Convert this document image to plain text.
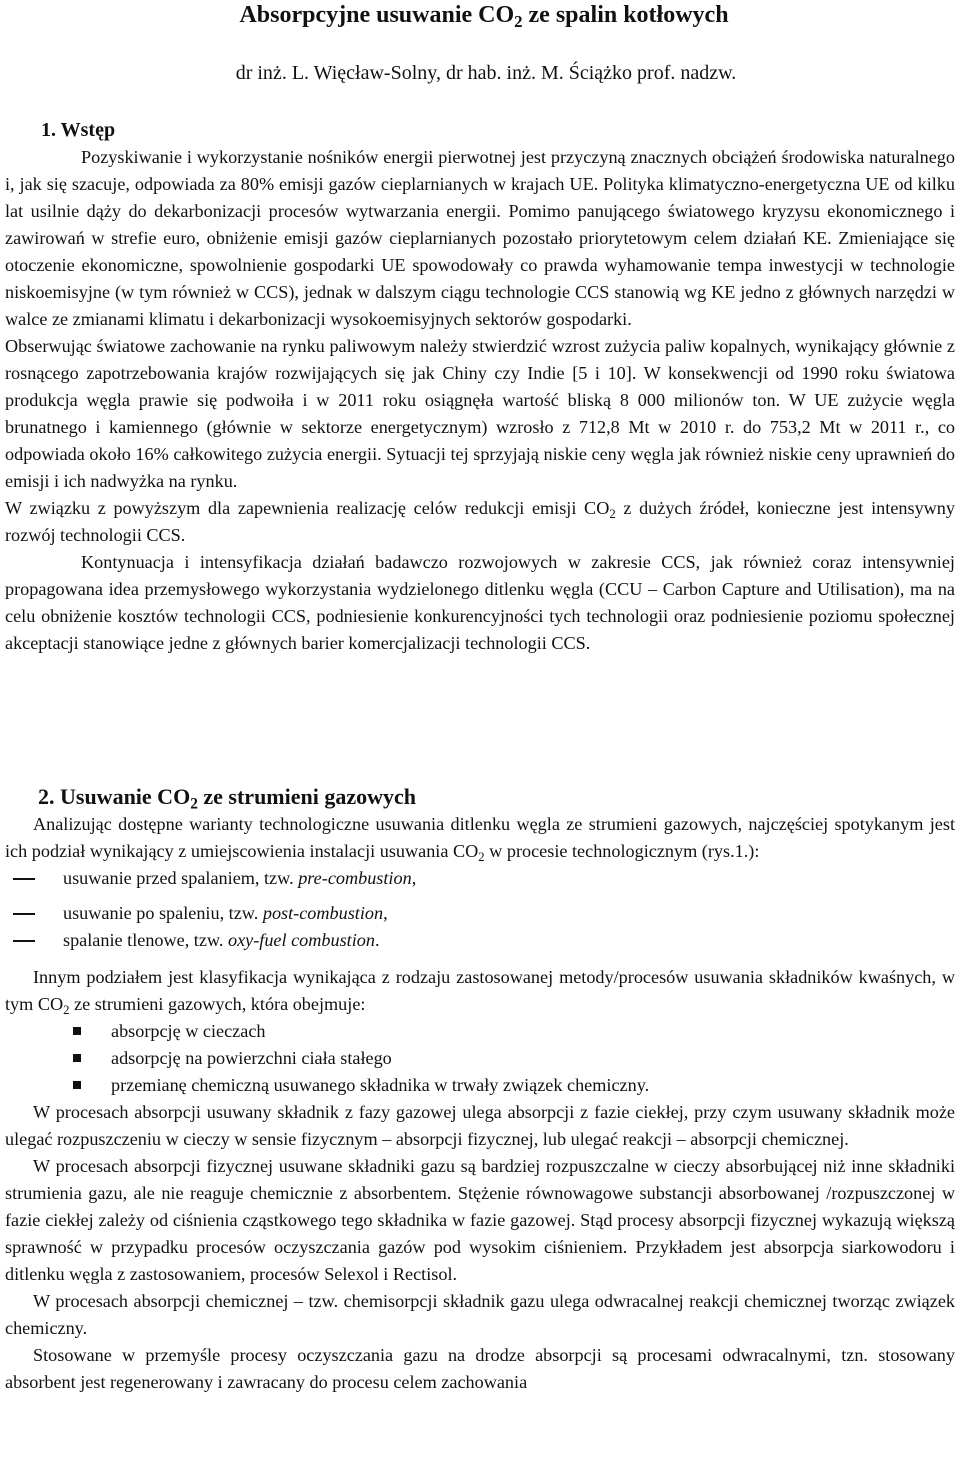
Absorpcyjne usuwanie $CO_2$ ze spalin kotłowych
dr inż. L. Więcław-Solny, dr hab. inż. M. Ściążko prof. nadzw.
1. Wstęp

Pozyskiwanie i wykorzystanie nośników energii pierwotnej jest przyczyną znacznych obciążeń środowiska naturalnego i, jak się szacuje, odpowiada za 80% emisji gazów cieplarnianych w krajach UE. Polityka klimatyczno-energetyczna UE od kilku lat usilnie dąży do dekarbonizacji procesów wytwarzania energii. Pomimo panującego światowego kryzysu ekonomicznego i zawirowań w strefie euro, obniżenie emisji gazów cieplarnianych pozostało priorytetowym celem działań KE. Zmieniające się otoczenie ekonomiczne, spowolnienie gospodarki UE spowodowały co prawda wyhamowanie tempa inwestycji w technologie niskoemisyjne (w tym również w CCS), jednak w dalszym ciągu technologie CCS stanowią wg KE jedno z głównych narzędzi w walce ze zmianami klimatu i dekarbonizacji wysokoemisyjnych sektorów gospodarki.

Obserwując światowe zachowanie na rynku paliwowym należy stwierdzić wzrost zużycia paliw kopalnych, wynikający głównie z rosnącego zapotrzebowania krajów rozwijających się jak Chiny czy Indie [5 i 10]. W konsekwencji od 1990 roku światowa produkcja węgla prawie się podwoiła i w 2011 roku osiągnęła wartość bliską 8 000 milionów ton. W UE zużycie węgla brunatnego i kamiennego (głównie w sektorze energetycznym) wzrosło z 712,8 Mt w 2010 r. do 753,2 Mt w 2011 r., co odpowiada około 16% całkowitego zużycia energii. Sytuacji tej sprzyjają niskie ceny węgla jak również niskie ceny uprawnień do emisji i ich nadwyżka na rynku.

W związku z powyższym dla zapewnienia realizację celów redukcji emisji $CO_2$ z dużych źródeł, konieczne jest intensywny rozwój technologii CCS.

Kontynuacja i intensyfikacja działań badawczo rozwojowych w zakresie CCS, jak również coraz intensywniej propagowana idea przemysłowego wykorzystania wydzielonego ditlenku węgla (CCU – Carbon Capture and Utilisation), ma na celu obniżenie kosztów technologii CCS, podniesienie konkurencyjności tych technologii oraz podniesienie poziomu społecznej akceptacji stanowiące jedne z głównych barier komercjalizacji technologii CCS.

2. Usuwanie $CO_2$ ze strumieni gazowych

Analizując dostępne warianty technologiczne usuwania ditlenku węgla ze strumieni gazowych, najczęściej spotykanym jest ich podział wynikający z umiejscowienia instalacji usuwania $CO_2$ w procesie technologicznym (rys.1.):

usuwanie przed spalaniem, tzw. pre-combustion,
usuwanie po spaleniu, tzw. post-combustion,
spalanie tlenowe, tzw. oxy-fuel combustion.

Innym podziałem jest klasyfikacja wynikająca z rodzaju zastosowanej metody/procesów usuwania składników kwaśnych, w tym $CO_2$ ze strumieni gazowych, która obejmuje:

absorpcję w cieczach
adsorpcję na powierzchni ciała stałego
przemianę chemiczną usuwanego składnika w trwały związek chemiczny.

W procesach absorpcji usuwany składnik z fazy gazowej ulega absorpcji z fazie ciekłej, przy czym usuwany składnik może ulegać rozpuszczeniu w cieczy w sensie fizycznym – absorpcji fizycznej, lub ulegać reakcji – absorpcji chemicznej.

W procesach absorpcji fizycznej usuwane składniki gazu są bardziej rozpuszczalne w cieczy absorbującej niż inne składniki strumienia gazu, ale nie reaguje chemicznie z absorbentem. Stężenie równowagowe substancji absorbowanej /rozpuszczonej w fazie ciekłej zależy od ciśnienia cząstkowego tego składnika w fazie gazowej. Stąd procesy absorpcji fizycznej wykazują większą sprawność w przypadku procesów oczyszczania gazów pod wysokim ciśnieniem. Przykładem jest absorpcja siarkowodoru i ditlenku węgla z zastosowaniem, procesów Selexol i Rectisol.

W procesach absorpcji chemicznej – tzw. chemisorpcji składnik gazu ulega odwracalnej reakcji chemicznej tworząc związek chemiczny.

Stosowane w przemyśle procesy oczyszczania gazu na drodze absorpcji są procesami odwracalnymi, tzn. stosowany absorbent jest regenerowany i zawracany do procesu celem zachowania
